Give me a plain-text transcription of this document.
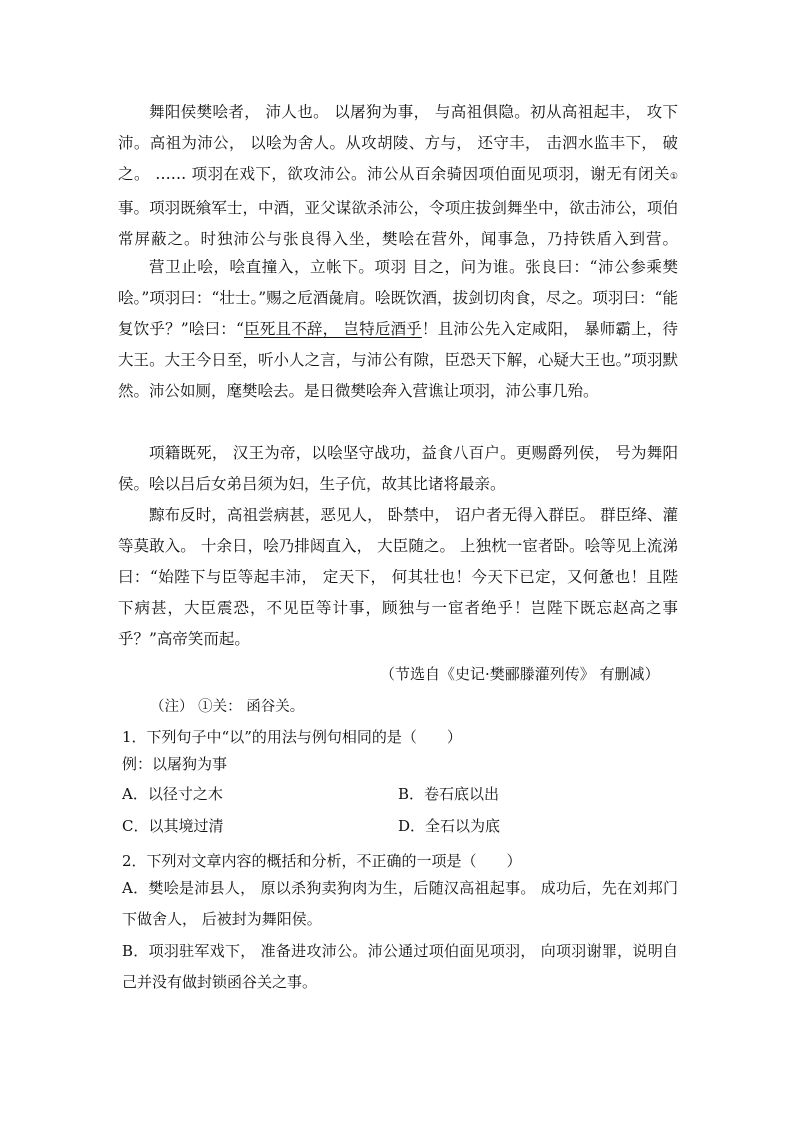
舞阳侯樊哙者， 沛人也。 以屠狗为事， 与高祖俱隐。初从高祖起丰， 攻下沛。高祖为沛公， 以哙为舍人。从攻胡陵、方与， 还守丰， 击泗水监丰下， 破之。 …… 项羽在戏下，欲攻沛公。沛公从百余骑因项伯面见项羽，谢无有闭关①事。项羽既飨军士，中酒，亚父谋欲杀沛公，令项庄拔剑舞坐中，欲击沛公，项伯常屏蔽之。时独沛公与张良得入坐，樊哙在营外，闻事急，乃持铁盾入到营。

营卫止哙，哙直撞入，立帐下。项羽 目之，问为谁。张良曰：“沛公参乘樊哙。”项羽曰：“壮士。”赐之卮酒彘肩。哙既饮酒，拔剑切肉食，尽之。项羽曰：“能复饮乎？”哙曰：“臣死且不辞， 岂特卮酒乎！且沛公先入定咸阳， 暴师霸上，待大王。大王今日至，听小人之言，与沛公有隙，臣恐天下解，心疑大王也。”项羽默然。沛公如厕，麾樊哙去。是日微樊哙奔入营谯让项羽，沛公事几殆。

项籍既死， 汉王为帝，以哙坚守战功，益食八百户。更赐爵列侯， 号为舞阳侯。哙以吕后女弟吕须为妇，生子伉，故其比诸将最亲。

黥布反时，高祖尝病甚，恶见人， 卧禁中， 诏户者无得入群臣。 群臣绛、灌等莫敢入。 十余日，哙乃排闼直入， 大臣随之。 上独枕一宦者卧。哙等见上流涕曰：“始陛下与臣等起丰沛， 定天下， 何其壮也！今天下已定，又何惫也！且陛下病甚，大臣震恐，不见臣等计事，顾独与一宦者绝乎！岂陛下既忘赵高之事乎？”高帝笑而起。

（节选自《史记·樊郦滕灌列传》 有删减）

（注） ①关： 函谷关。

1．下列句子中“以”的用法与例句相同的是（　　）

例：以屠狗为事

A．以径寸之木	B．卷石底以出

C．以其境过清	D．全石以为底

2．下列对文章内容的概括和分析，不正确的一项是（　　）

A．樊哙是沛县人， 原以杀狗卖狗肉为生，后随汉高祖起事。 成功后，先在刘邦门下做舍人， 后被封为舞阳侯。

B．项羽驻军戏下， 准备进攻沛公。沛公通过项伯面见项羽， 向项羽谢罪，说明自己并没有做封锁函谷关之事。
